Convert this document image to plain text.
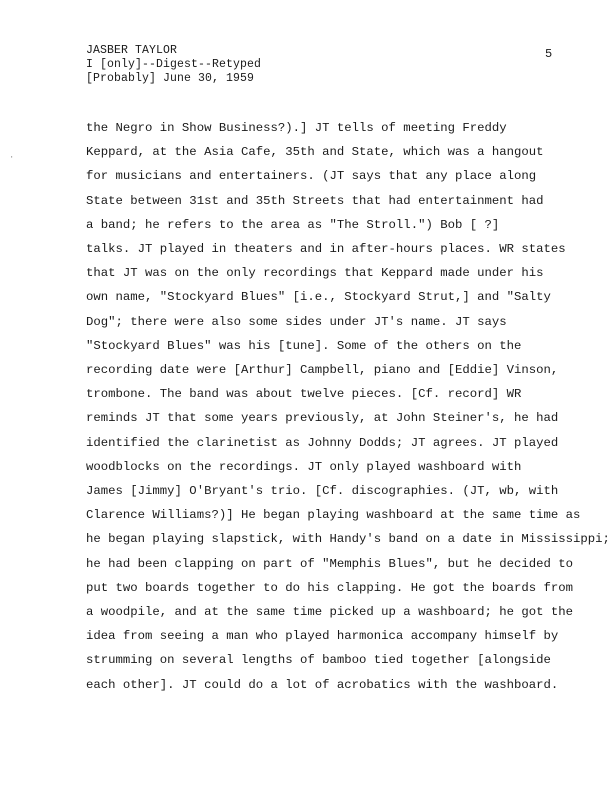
JASBER TAYLOR
I [only]--Digest--Retyped
[Probably] June 30, 1959
5
⋅
the Negro in Show Business?).] JT tells of meeting Freddy
Keppard, at the Asia Cafe, 35th and State, which was a hangout
for musicians and entertainers. (JT says that any place along
State between 31st and 35th Streets that had entertainment had
a band; he refers to the area as "The Stroll.") Bob [ ?]
talks. JT played in theaters and in after-hours places. WR states
that JT was on the only recordings that Keppard made under his
own name, "Stockyard Blues" [i.e., Stockyard Strut,] and "Salty
Dog"; there were also some sides under JT's name. JT says
"Stockyard Blues" was his [tune]. Some of the others on the
recording date were [Arthur] Campbell, piano and [Eddie] Vinson,
trombone. The band was about twelve pieces. [Cf. record] WR
reminds JT that some years previously, at John Steiner's, he had
identified the clarinetist as Johnny Dodds; JT agrees. JT played
woodblocks on the recordings. JT only played washboard with
James [Jimmy] O'Bryant's trio. [Cf. discographies. (JT, wb, with
Clarence Williams?)] He began playing washboard at the same time as
he began playing slapstick, with Handy's band on a date in Mississippi;
he had been clapping on part of "Memphis Blues", but he decided to
put two boards together to do his clapping. He got the boards from
a woodpile, and at the same time picked up a washboard; he got the
idea from seeing a man who played harmonica accompany himself by
strumming on several lengths of bamboo tied together [alongside
each other]. JT could do a lot of acrobatics with the washboard.
